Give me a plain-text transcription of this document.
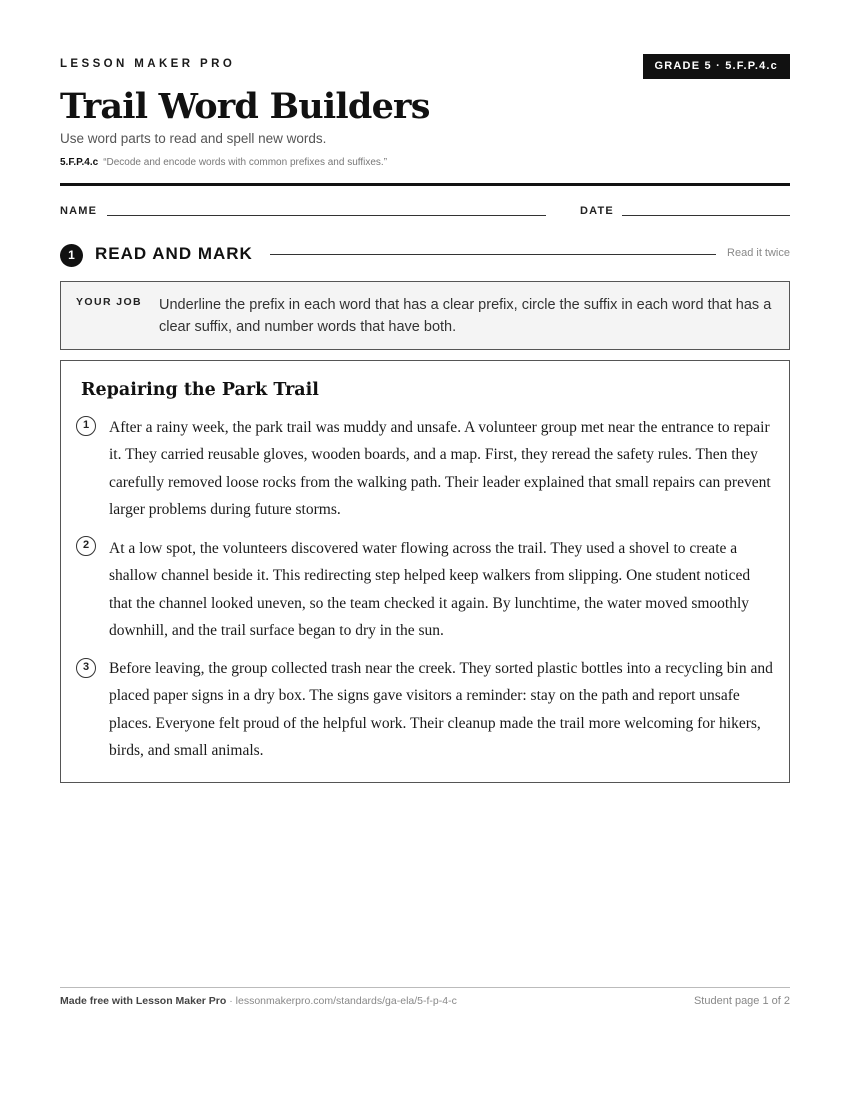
LESSON MAKER PRO	GRADE 5 · 5.F.P.4.c
Trail Word Builders
Use word parts to read and spell new words.
5.F.P.4.c “Decode and encode words with common prefixes and suffixes.”
NAME	DATE
1	READ AND MARK	Read it twice
YOUR JOB Underline the prefix in each word that has a clear prefix, circle the suffix in each word that has a clear suffix, and number words that have both.
Repairing the Park Trail
1	After a rainy week, the park trail was muddy and unsafe. A volunteer group met near the entrance to repair it. They carried reusable gloves, wooden boards, and a map. First, they reread the safety rules. Then they carefully removed loose rocks from the walking path. Their leader explained that small repairs can prevent larger problems during future storms.

2	At a low spot, the volunteers discovered water flowing across the trail. They used a shovel to create a shallow channel beside it. This redirecting step helped keep walkers from slipping. One student noticed that the channel looked uneven, so the team checked it again. By lunchtime, the water moved smoothly downhill, and the trail surface began to dry in the sun.

3	Before leaving, the group collected trash near the creek. They sorted plastic bottles into a recycling bin and placed paper signs in a dry box. The signs gave visitors a reminder: stay on the path and report unsafe places. Everyone felt proud of the helpful work. Their cleanup made the trail more welcoming for hikers, birds, and small animals.

Made free with Lesson Maker Pro · lessonmakerpro.com/standards/ga-ela/5-f-p-4-c	Student page 1 of 2
